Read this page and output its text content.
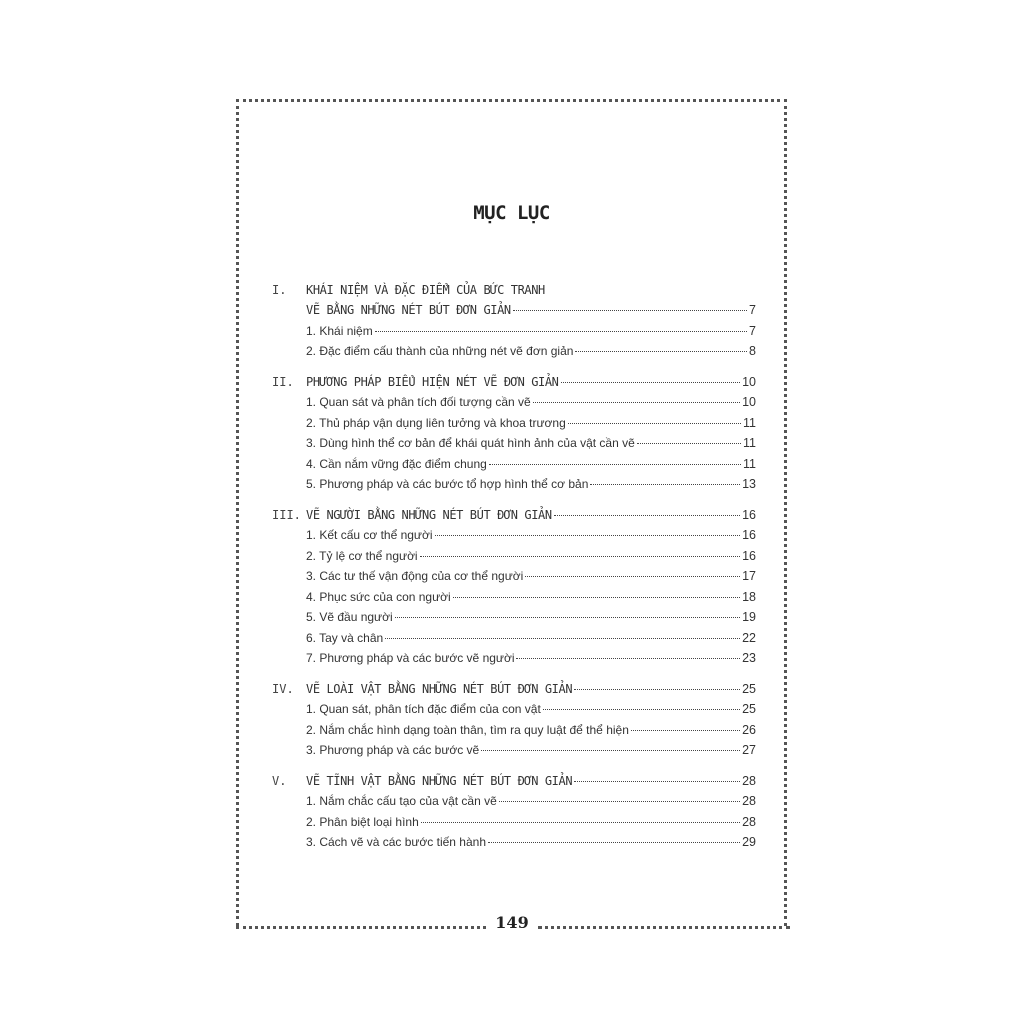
149
MỤC LỤC
I.	KHÁI NIỆM VÀ ĐẶC ĐIỂM CỦA BỨC TRANH
VẼ BẰNG NHỮNG NÉT BÚT ĐƠN GIẢN	7
1. Khái niệm	7
2. Đặc điểm cấu thành của những nét vẽ đơn giản	8
II.	PHƯƠNG PHÁP BIỂU HIỆN NÉT VẼ ĐƠN GIẢN	10
1. Quan sát và phân tích đối tượng cần vẽ	10
2. Thủ pháp vận dụng liên tưởng và khoa trương	11
3. Dùng hình thể cơ bản để khái quát hình ảnh của vật cần vẽ	11
4. Cần nắm vững đặc điểm chung	11
5. Phương pháp và các bước tổ hợp hình thể cơ bản	13
III. VẼ NGƯỜI BẰNG NHỮNG NÉT BÚT ĐƠN GIẢN	16
1. Kết cấu cơ thể người	16
2. Tỷ lệ cơ thể người	16
3. Các tư thế vận động của cơ thể người	17
4. Phục sức của con người	18
5. Vẽ đầu người	19
6. Tay và chân	22
7. Phương pháp và các bước vẽ người	23
IV.	VẼ LOÀI VẬT BẰNG NHỮNG NÉT BÚT ĐƠN GIẢN	25
1. Quan sát, phân tích đặc điểm của con vật	25
2. Nắm chắc hình dạng toàn thân, tìm ra quy luật để thể hiện	26
3. Phương pháp và các bước vẽ	27
V.	VẼ TĨNH VẬT BẰNG NHỮNG NÉT BÚT ĐƠN GIẢN	28
1. Nắm chắc cấu tạo của vật cần vẽ	28
2. Phân biệt loại hình	28
3. Cách vẽ và các bước tiến hành	29
